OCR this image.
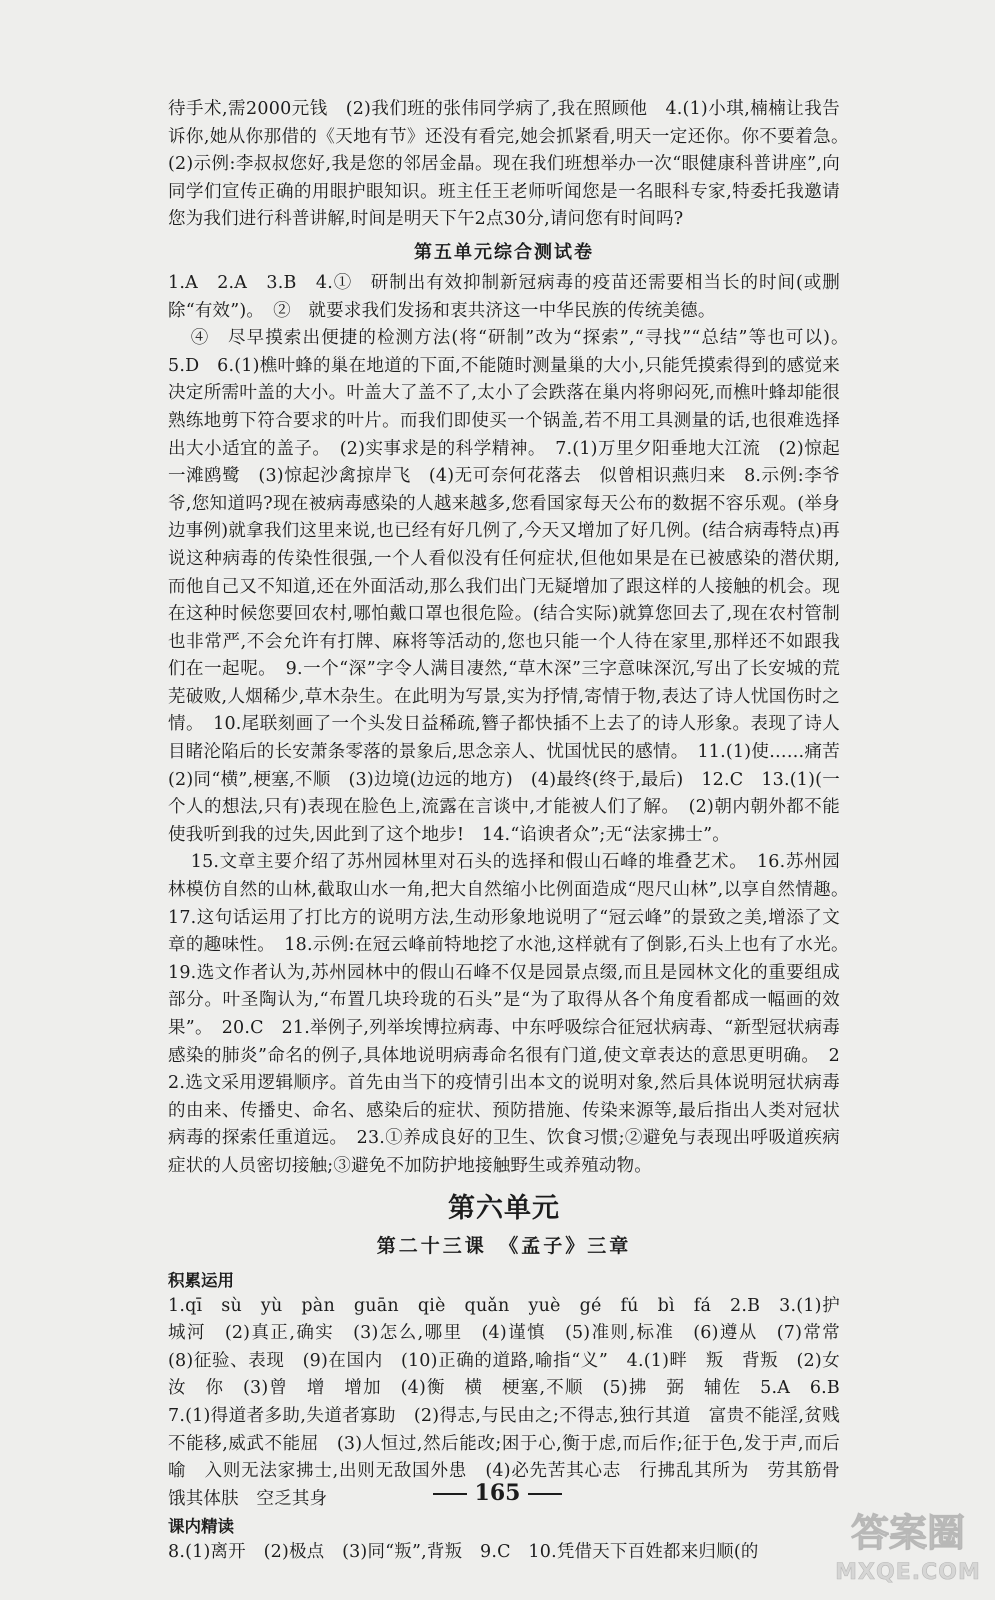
待手术,需2000元钱　(2)我们班的张伟同学病了,我在照顾他　4.(1)小琪,楠楠让我告诉你,她从你那借的《天地有节》还没有看完,她会抓紧看,明天一定还你。你不要着急。　(2)示例:李叔叔您好,我是您的邻居金晶。现在我们班想举办一次“眼健康科普讲座”,向同学们宣传正确的用眼护眼知识。班主任王老师听闻您是一名眼科专家,特委托我邀请您为我们进行科普讲解,时间是明天下午2点30分,请问您有时间吗?

第五单元综合测试卷

1.A　2.A　3.B　4.①　研制出有效抑制新冠病毒的疫苗还需要相当长的时间(或删除“有效”)。　②　就要求我们发扬和衷共济这一中华民族的传统美德。

④　尽早摸索出便捷的检测方法(将“研制”改为“探索”,“寻找”“总结”等也可以)。　5.D　6.(1)樵叶蜂的巢在地道的下面,不能随时测量巢的大小,只能凭摸索得到的感觉来决定所需叶盖的大小。叶盖大了盖不了,太小了会跌落在巢内将卵闷死,而樵叶蜂却能很熟练地剪下符合要求的叶片。而我们即使买一个锅盖,若不用工具测量的话,也很难选择出大小适宜的盖子。　(2)实事求是的科学精神。　7.(1)万里夕阳垂地大江流　(2)惊起一滩鸥鹭　(3)惊起沙禽掠岸飞　(4)无可奈何花落去　似曾相识燕归来　8.示例:李爷爷,您知道吗?现在被病毒感染的人越来越多,您看国家每天公布的数据不容乐观。(举身边事例)就拿我们这里来说,也已经有好几例了,今天又增加了好几例。(结合病毒特点)再说这种病毒的传染性很强,一个人看似没有任何症状,但他如果是在已被感染的潜伏期,而他自己又不知道,还在外面活动,那么我们出门无疑增加了跟这样的人接触的机会。现在这种时候您要回农村,哪怕戴口罩也很危险。(结合实际)就算您回去了,现在农村管制也非常严,不会允许有打牌、麻将等活动的,您也只能一个人待在家里,那样还不如跟我们在一起呢。　9.一个“深”字令人满目凄然,“草木深”三字意味深沉,写出了长安城的荒芜破败,人烟稀少,草木杂生。在此明为写景,实为抒情,寄情于物,表达了诗人忧国伤时之情。　10.尾联刻画了一个头发日益稀疏,簪子都快插不上去了的诗人形象。表现了诗人目睹沦陷后的长安萧条零落的景象后,思念亲人、忧国忧民的感情。　11.(1)使……痛苦　(2)同“横”,梗塞,不顺　(3)边境(边远的地方)　(4)最终(终于,最后)　12.C　13.(1)(一个人的想法,只有)表现在脸色上,流露在言谈中,才能被人们了解。　(2)朝内朝外都不能使我听到我的过失,因此到了这个地步!　14.“谄谀者众”;无“法家拂士”。

15.文章主要介绍了苏州园林里对石头的选择和假山石峰的堆叠艺术。　16.苏州园林模仿自然的山林,截取山水一角,把大自然缩小比例面造成“咫尺山林”,以享自然情趣。　17.这句话运用了打比方的说明方法,生动形象地说明了“冠云峰”的景致之美,增添了文章的趣味性。　18.示例:在冠云峰前特地挖了水池,这样就有了倒影,石头上也有了水光。　19.选文作者认为,苏州园林中的假山石峰不仅是园景点缀,而且是园林文化的重要组成部分。叶圣陶认为,“布置几块玲珑的石头”是“为了取得从各个角度看都成一幅画的效果”。　20.C　21.举例子,列举埃博拉病毒、中东呼吸综合征冠状病毒、“新型冠状病毒感染的肺炎”命名的例子,具体地说明病毒命名很有门道,使文章表达的意思更明确。　22.选文采用逻辑顺序。首先由当下的疫情引出本文的说明对象,然后具体说明冠状病毒的由来、传播史、命名、感染后的症状、预防措施、传染来源等,最后指出人类对冠状病毒的探索任重道远。　23.①养成良好的卫生、饮食习惯;②避免与表现出呼吸道疾病症状的人员密切接触;③避免不加防护地接触野生或养殖动物。

第六单元
第二十三课　《孟子》三章
积累运用

1.qī　sù　yù　pàn　guān　qiè　quǎn　yuè　gé　fú　bì　fá　2.B　3.(1)护城河　(2)真正,确实　(3)怎么,哪里　(4)谨慎　(5)准则,标准　(6)遵从　(7)常常　(8)征验、表现　(9)在国内　(10)正确的道路,喻指“义”　4.(1)畔　叛　背叛　(2)女　汝　你　(3)曾　增　增加　(4)衡　横　梗塞,不顺　(5)拂　弼　辅佐　5.A　6.B　7.(1)得道者多助,失道者寡助　(2)得志,与民由之;不得志,独行其道　富贵不能淫,贫贱不能移,威武不能屈　(3)人恒过,然后能改;困于心,衡于虑,而后作;征于色,发于声,而后喻　入则无法家拂士,出则无敌国外患　(4)必先苦其心志　行拂乱其所为　劳其筋骨　饿其体肤　空乏其身

课内精读

8.(1)离开　(2)极点　(3)同“叛”,背叛　9.C　10.凭借天下百姓都来归顺(的

165
答案圈
MXQE.COM
